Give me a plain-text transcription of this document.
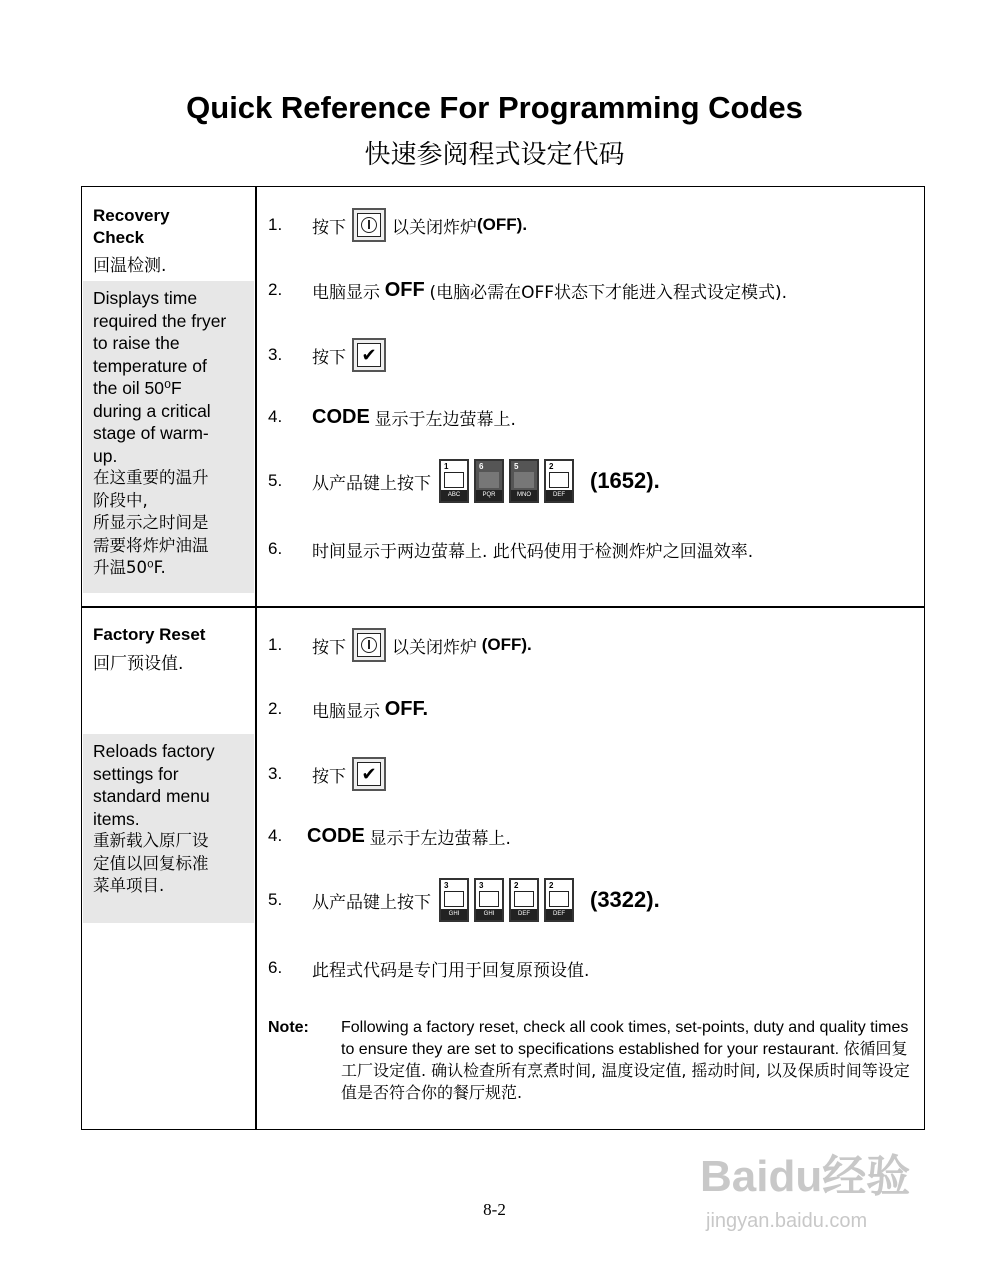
Quick Reference For Programming Codes
快速参阅程式设定代码
Recovery
Check
回温检测.
Displays time
required the fryer
to raise the
temperature of
the oil 50⁰F
during a critical
stage of warm-
up.
在这重要的温升
阶段中,
所显示之时间是
需要将炸炉油温
升温50⁰F.
1.	按下	以关闭炸炉 (OFF).
2.	电脑显示
OFF
(电脑必需在OFF状态下才能进入程式设定模式).
3.	按下 ✔
4.	CODE
显示于左边萤幕上.
5.	从产品键上按下
1
ABC
6
PQR
5
MNO
2
DEF
(1652).
6.	时间显示于两边萤幕上. 此代码使用于检测炸炉之回温效率.
Factory Reset
回厂预设值.
Reloads factory
settings for
standard menu
items.
重新载入原厂设
定值以回复标准
菜单项目.
1.	按下	以关闭炸炉
(OFF).
2.	电脑显示
OFF.
3.	按下 ✔
4.	CODE
显示于左边萤幕上.
5.	从产品键上按下
3
GHI
3
GHI
2
DEF
2
DEF
(3322).
6.	此程式代码是专门用于回复原预设值.
Note:	Following a factory reset, check all cook times, set-points, duty and quality times to ensure they are set to specifications established for your restaurant. 依循回复工厂设定值. 确认检查所有烹煮时间, 温度设定值, 摇动时间, 以及保质时间等设定值是否符合你的餐厅规范.
Baidu经验
jingyan.baidu.com
8-2
